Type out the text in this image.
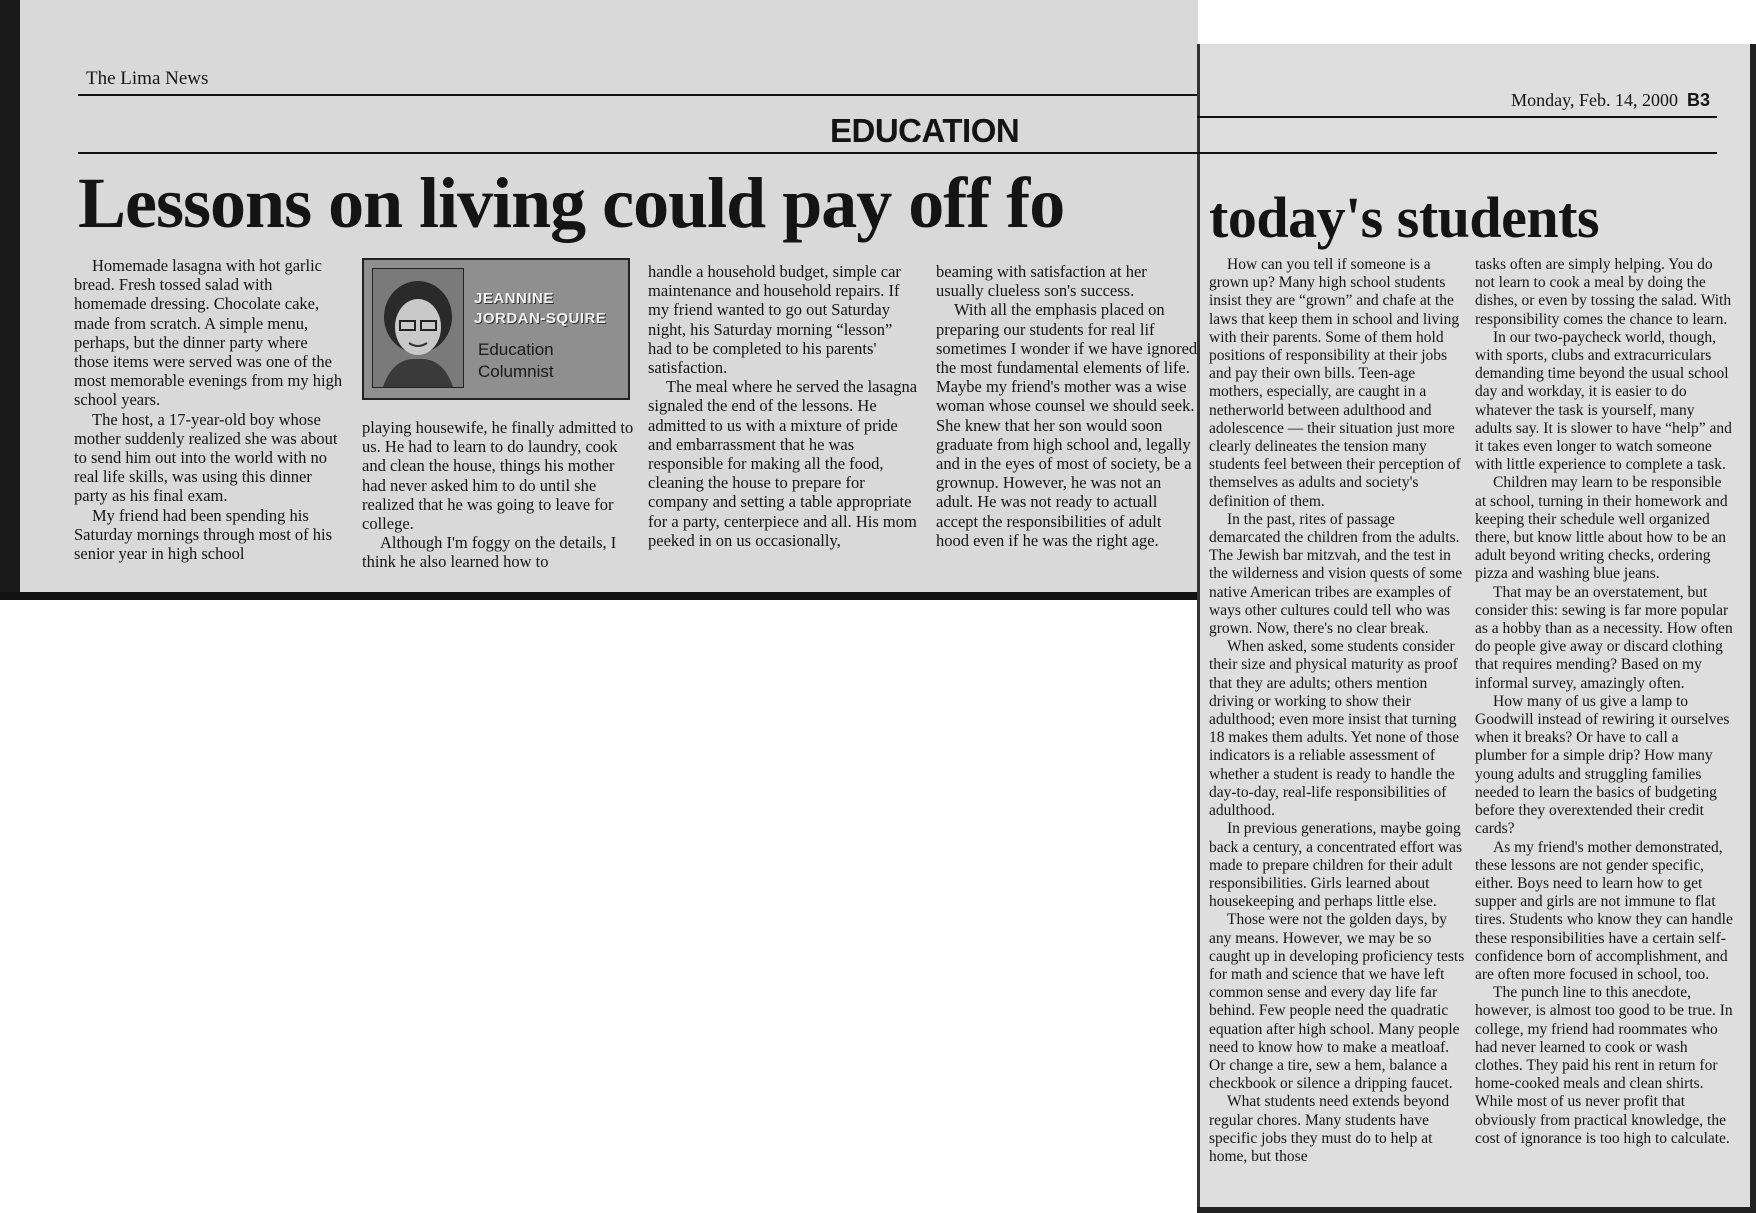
The Lima News
EDUCATION
Lessons on living could pay off fo

Homemade lasagna with hot garlic bread. Fresh tossed salad with homemade dressing. Chocolate cake, made from scratch. A simple menu, perhaps, but the dinner party where those items were served was one of the most memorable evenings from my high school years.

The host, a 17-year-old boy whose mother suddenly realized she was about to send him out into the world with no real life skills, was using this dinner party as his final exam.

My friend had been spending his Saturday mornings through most of his senior year in high school

JEANNINE
JORDAN-SQUIRE
Education
Columnist

playing housewife, he finally admitted to us. He had to learn to do laundry, cook and clean the house, things his mother had never asked him to do until she realized that he was going to leave for college.

Although I'm foggy on the details, I think he also learned how to

handle a household budget, simple car maintenance and household repairs. If my friend wanted to go out Saturday night, his Saturday morning “lesson” had to be completed to his parents' satisfaction.

The meal where he served the lasagna signaled the end of the lessons. He admitted to us with a mixture of pride and embarrassment that he was responsible for making all the food, cleaning the house to prepare for company and setting a table appropriate for a party, centerpiece and all. His mom peeked in on us occasionally,

beaming with satisfaction at her usually clueless son's success.

With all the emphasis placed on preparing our students for real lif sometimes I wonder if we have ignored the most fundamental elements of life. Maybe my friend's mother was a wise woman whose counsel we should seek. She knew that her son would soon graduate from high school and, legally and in the eyes of most of society, be a grownup. However, he was not an adult. He was not ready to actuall accept the responsibilities of adult hood even if he was the right age.

Monday, Feb. 14, 2000 B3
today's students

How can you tell if someone is a grown up? Many high school students insist they are “grown” and chafe at the laws that keep them in school and living with their parents. Some of them hold positions of responsibility at their jobs and pay their own bills. Teen-age mothers, especially, are caught in a netherworld between adulthood and adolescence — their situation just more clearly delineates the tension many students feel between their perception of themselves as adults and society's definition of them.

In the past, rites of passage demarcated the children from the adults. The Jewish bar mitzvah, and the test in the wilderness and vision quests of some native American tribes are examples of ways other cultures could tell who was grown. Now, there's no clear break.

When asked, some students consider their size and physical maturity as proof that they are adults; others mention driving or working to show their adulthood; even more insist that turning 18 makes them adults. Yet none of those indicators is a reliable assessment of whether a student is ready to handle the day-to-day, real-life responsibilities of adulthood.

In previous generations, maybe going back a century, a concentrated effort was made to prepare children for their adult responsibilities. Girls learned about housekeeping and perhaps little else.

Those were not the golden days, by any means. However, we may be so caught up in developing proficiency tests for math and science that we have left common sense and every day life far behind. Few people need the quadratic equation after high school. Many people need to know how to make a meatloaf. Or change a tire, sew a hem, balance a checkbook or silence a dripping faucet.

What students need extends beyond regular chores. Many students have specific jobs they must do to help at home, but those

tasks often are simply helping. You do not learn to cook a meal by doing the dishes, or even by tossing the salad. With responsibility comes the chance to learn.

In our two-paycheck world, though, with sports, clubs and extracurriculars demanding time beyond the usual school day and workday, it is easier to do whatever the task is yourself, many adults say. It is slower to have “help” and it takes even longer to watch someone with little experience to complete a task.

Children may learn to be responsible at school, turning in their homework and keeping their schedule well organized there, but know little about how to be an adult beyond writing checks, ordering pizza and washing blue jeans.

That may be an overstatement, but consider this: sewing is far more popular as a hobby than as a necessity. How often do people give away or discard clothing that requires mending? Based on my informal survey, amazingly often.

How many of us give a lamp to Goodwill instead of rewiring it ourselves when it breaks? Or have to call a plumber for a simple drip? How many young adults and struggling families needed to learn the basics of budgeting before they overextended their credit cards?

As my friend's mother demonstrated, these lessons are not gender specific, either. Boys need to learn how to get supper and girls are not immune to flat tires. Students who know they can handle these responsibilities have a certain self-confidence born of accomplishment, and are often more focused in school, too.

The punch line to this anecdote, however, is almost too good to be true. In college, my friend had roommates who had never learned to cook or wash clothes. They paid his rent in return for home-cooked meals and clean shirts. While most of us never profit that obviously from practical knowledge, the cost of ignorance is too high to calculate.
